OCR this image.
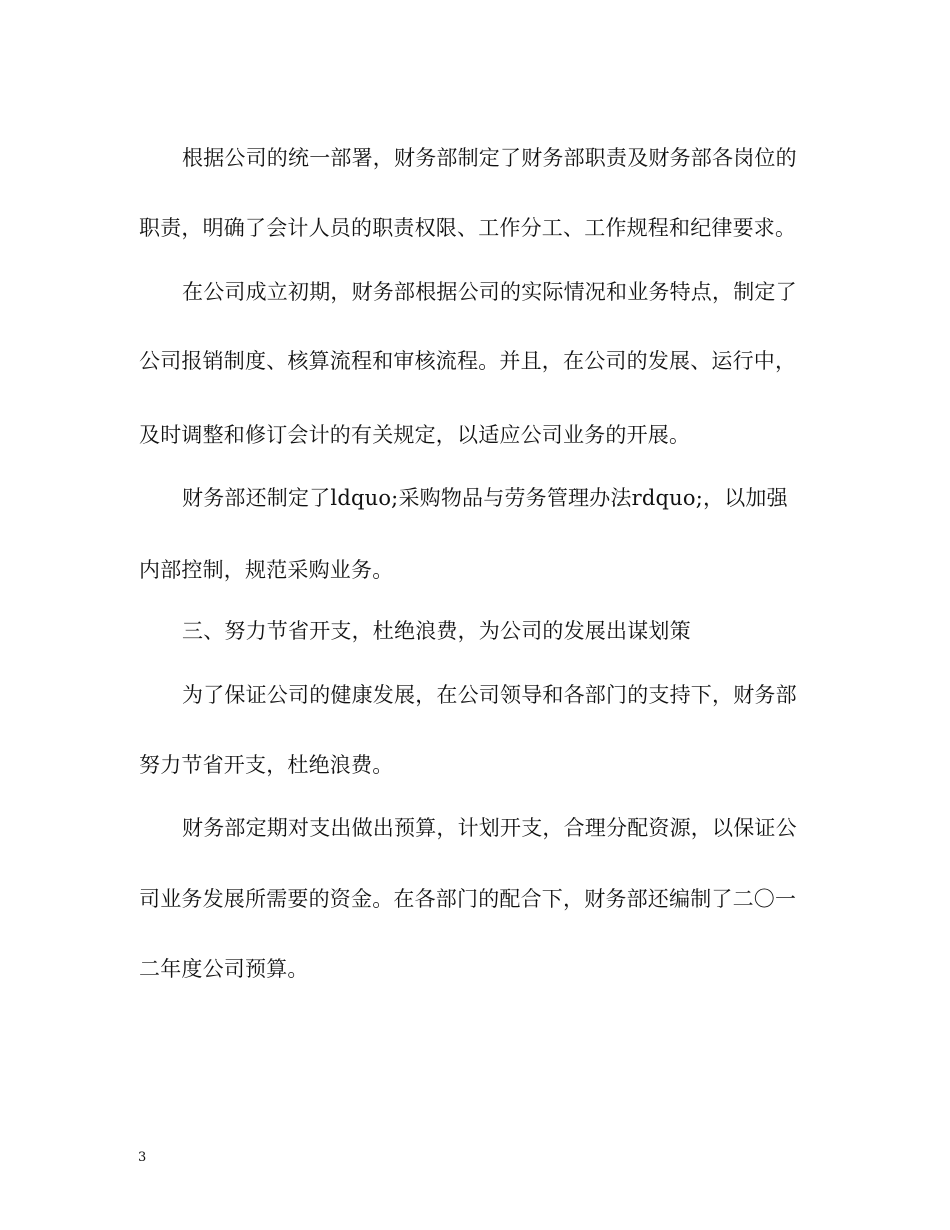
根据公司的统一部署，财务部制定了财务部职责及财务部各岗位的
职责，明确了会计人员的职责权限、工作分工、工作规程和纪律要求。
在公司成立初期，财务部根据公司的实际情况和业务特点，制定了
公司报销制度、核算流程和审核流程。并且，在公司的发展、运行中，
及时调整和修订会计的有关规定，以适应公司业务的开展。
财务部还制定了ldquo;采购物品与劳务管理办法rdquo;，以加强
内部控制，规范采购业务。
三、努力节省开支，杜绝浪费，为公司的发展出谋划策
为了保证公司的健康发展，在公司领导和各部门的支持下，财务部
努力节省开支，杜绝浪费。
财务部定期对支出做出预算，计划开支，合理分配资源，以保证公
司业务发展所需要的资金。在各部门的配合下，财务部还编制了二〇一
二年度公司预算。
3
